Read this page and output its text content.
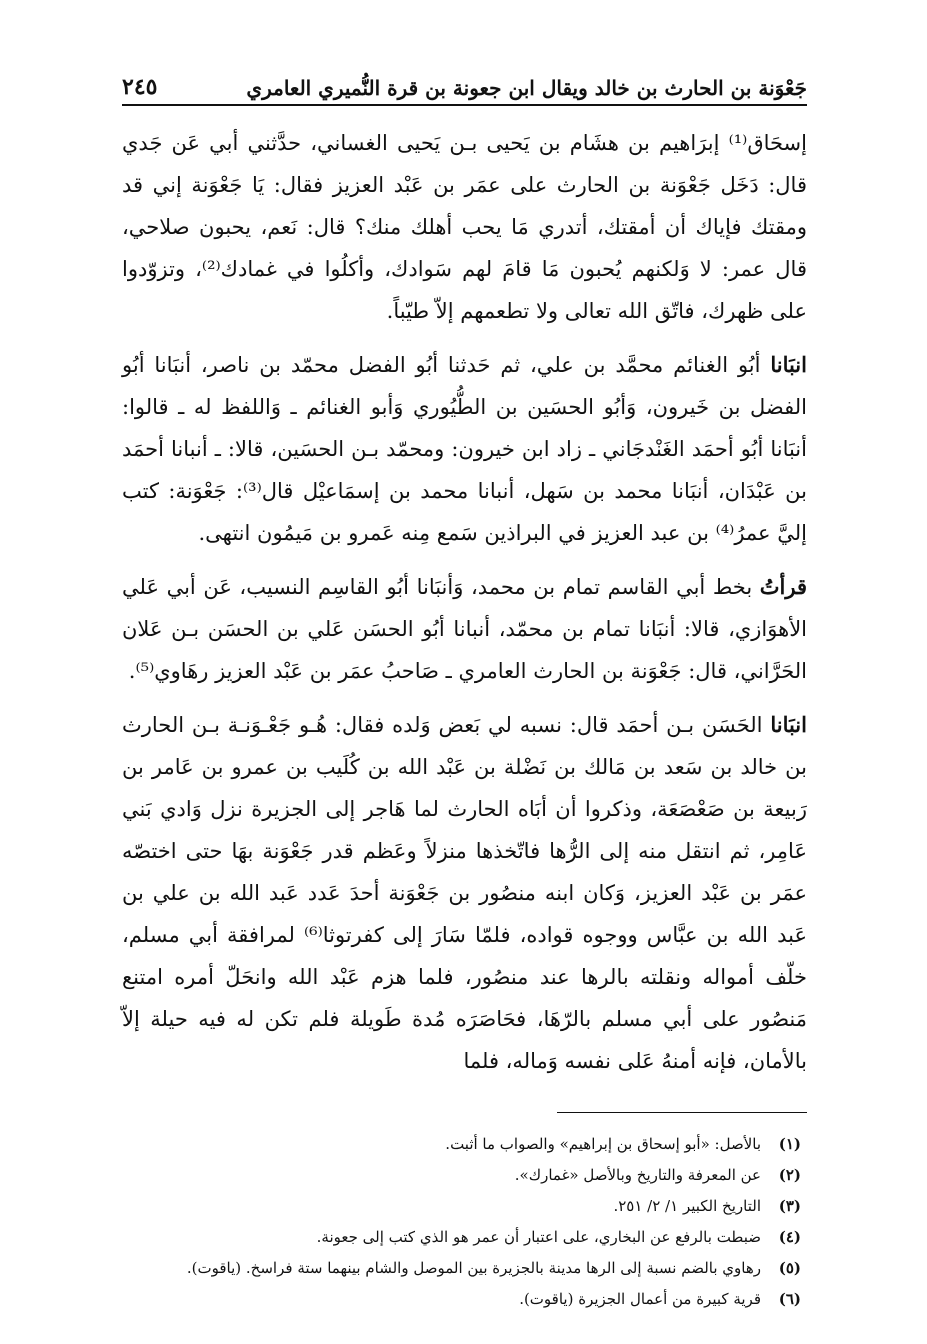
جَعْوَنة بن الحارث بن خالد ويقال ابن جعونة بن قرة النُّميري العامري
٢٤٥

إسحَاق⁽¹⁾ إبرَاهيم بن هشَام بن يَحيى بـن يَحيى الغساني، حدَّثني أبي عَن جَدي قال: دَخَل جَعْوَنة بن الحارث على عمَر بن عَبْد العزيز فقال: يَا جَعْوَنة إني قد ومقتك فإياك أن أمقتك، أتدري مَا يحب أهلك منك؟ قال: نَعم، يحبون صلاحي، قال عمر: لا وَلكنهم يُحبون مَا قامَ لهم سَوادك، وأكلُوا في غمادك⁽²⁾، وتزوّدوا على ظهرك، فاتّق الله تعالى ولا تطعمهم إلاّ طيّباً.

انبَانا أبُو الغنائم محمَّد بن علي، ثم حَدثنا أبُو الفضل محمّد بن ناصر، أنبَانا أبُو الفضل بن خَيرون، وَأبُو الحسَين بن الطُّيُوري وَأبو الغنائم ـ وَاللفظ له ـ قالوا: أنبَانا أبُو أحمَد الغَنْدجَاني ـ زاد ابن خيرون: ومحمّد بـن الحسَين، قالا: ـ أنبانا أحمَد بن عَبْدَان، أنبَانا محمد بن سَهل، أنبانا محمد بن إسمَاعيْل قال⁽³⁾: جَعْوَنة: كتب إليَّ عمرُ⁽⁴⁾ بن عبد العزيز في البراذين سَمع مِنه عَمرو بن مَيمُون انتهى.

قرأتُ بخط أبي القاسم تمام بن محمد، وَأنبَانا أبُو القاسِم النسيب، عَن أبي عَلي الأهوَازي، قالا: أنبَانا تمام بن محمّد، أنبانا أبُو الحسَن عَلي بن الحسَن بـن عَلان الحَرَّاني، قال: جَعْوَنة بن الحارث العامري ـ صَاحبُ عمَر بن عَبْد العزيز رهَاوي⁽⁵⁾.

انبَانا الحَسَن بـن أحمَد قال: نسبه لي بَعض وَلده فقال: هُـو جَعْـوَنـة بـن الحارث بن خالد بن سَعد بن مَالك بن نَضْلة بن عَبْد الله بن كُلَيب بن عمرو بن عَامر بن رَبيعة بن صَعْصَعَة، وذكروا أن أبَاه الحارث لما هَاجر إلى الجزيرة نزل وَادي بَني عَامِر، ثم انتقل منه إلى الرُّها فاتّخذها منزلاً وعَظم قدر جَعْوَنة بهَا حتى اختصّه عمَر بن عَبْد العزيز، وَكان ابنه منصُور بن جَعْوَنة أحدَ عَدد عَبد الله بن علي بن عَبد الله بن عبَّاس ووجوه قواده، فلمّا سَارَ إلى كفرتوثا⁽⁶⁾ لمرافقة أبي مسلم، خلّف أمواله ونقلته بالرها عند منصُور، فلما هزم عَبْد الله وانحَلّ أمره امتنع مَنصُور على أبي مسلم بالرّهَا، فحَاصَرَه مُدة طَويلة فلم تكن له فيه حيلة إلاّ بالأمان، فإنه أمنهُ عَلى نفسه وَماله، فلما

(١)
بالأصل: «أبو إسحاق بن إبراهيم» والصواب ما أثبت.
(٢)
عن المعرفة والتاريخ وبالأصل «غمارك».
(٣)
التاريخ الكبير ١/ ٢/ ٢٥١.
(٤)
ضبطت بالرفع عن البخاري، على اعتبار أن عمر هو الذي كتب إلى جعونة.
(٥)
رهاوي بالضم نسبة إلى الرها مدينة بالجزيرة بين الموصل والشام بينهما ستة فراسخ. (ياقوت).
(٦)
قرية كبيرة من أعمال الجزيرة (ياقوت).
